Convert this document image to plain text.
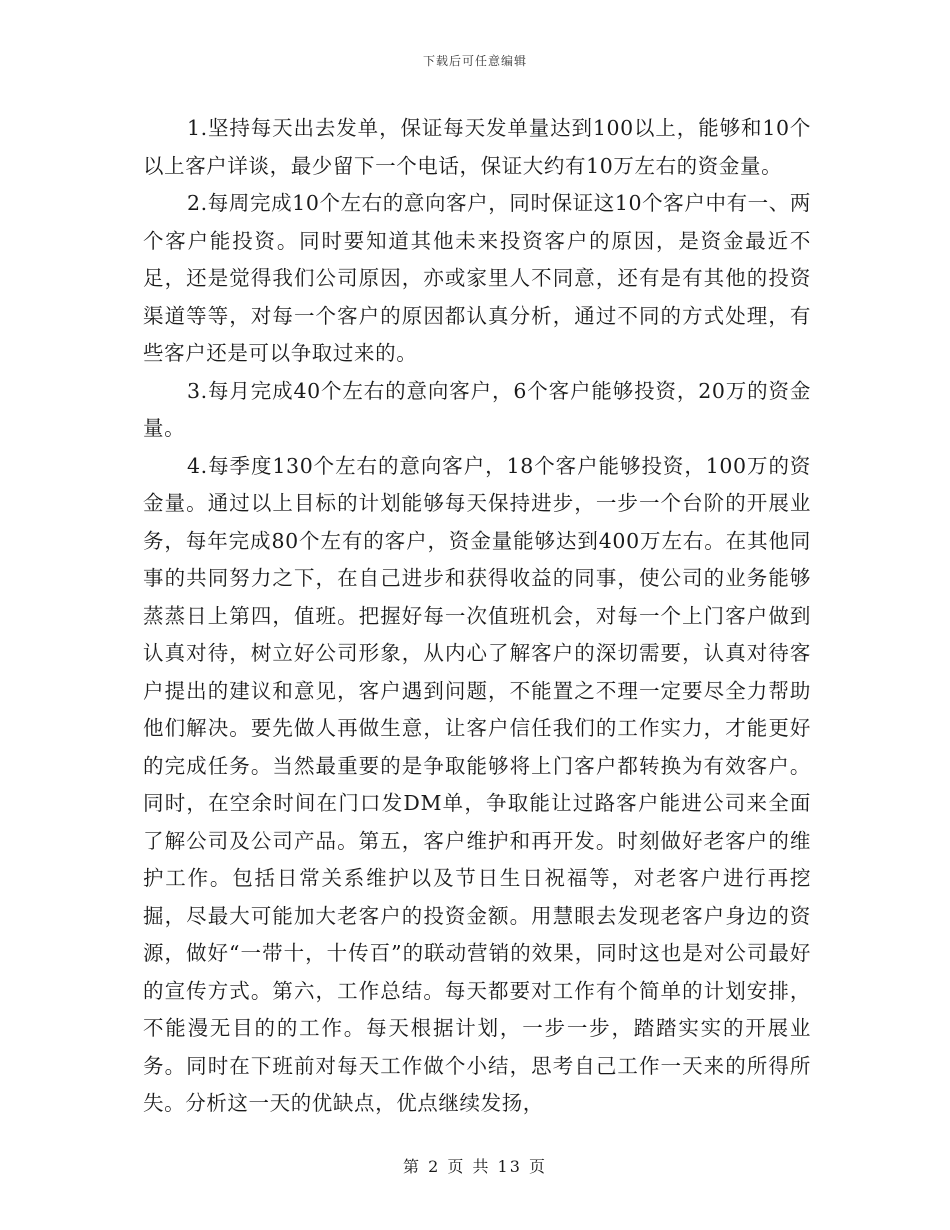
下载后可任意编辑

1.坚持每天出去发单，保证每天发单量达到100以上，能够和10个以上客户详谈，最少留下一个电话，保证大约有10万左右的资金量。

2.每周完成10个左右的意向客户，同时保证这10个客户中有一、两个客户能投资。同时要知道其他未来投资客户的原因，是资金最近不足，还是觉得我们公司原因，亦或家里人不同意，还有是有其他的投资渠道等等，对每一个客户的原因都认真分析，通过不同的方式处理，有些客户还是可以争取过来的。

3.每月完成40个左右的意向客户，6个客户能够投资，20万的资金量。

4.每季度130个左右的意向客户，18个客户能够投资，100万的资金量。通过以上目标的计划能够每天保持进步，一步一个台阶的开展业务，每年完成80个左有的客户，资金量能够达到400万左右。在其他同事的共同努力之下，在自己进步和获得收益的同事，使公司的业务能够蒸蒸日上第四，值班。把握好每一次值班机会，对每一个上门客户做到认真对待，树立好公司形象，从内心了解客户的深切需要，认真对待客户提出的建议和意见，客户遇到问题，不能置之不理一定要尽全力帮助他们解决。要先做人再做生意，让客户信任我们的工作实力，才能更好的完成任务。当然最重要的是争取能够将上门客户都转换为有效客户。同时，在空余时间在门口发DM单，争取能让过路客户能进公司来全面了解公司及公司产品。第五，客户维护和再开发。时刻做好老客户的维护工作。包括日常关系维护以及节日生日祝福等，对老客户进行再挖掘，尽最大可能加大老客户的投资金额。用慧眼去发现老客户身边的资源，做好“一带十，十传百”的联动营销的效果，同时这也是对公司最好的宣传方式。第六，工作总结。每天都要对工作有个简单的计划安排，不能漫无目的的工作。每天根据计划，一步一步，踏踏实实的开展业务。同时在下班前对每天工作做个小结，思考自己工作一天来的所得所失。分析这一天的优缺点，优点继续发扬，

第 2 页 共 13 页
